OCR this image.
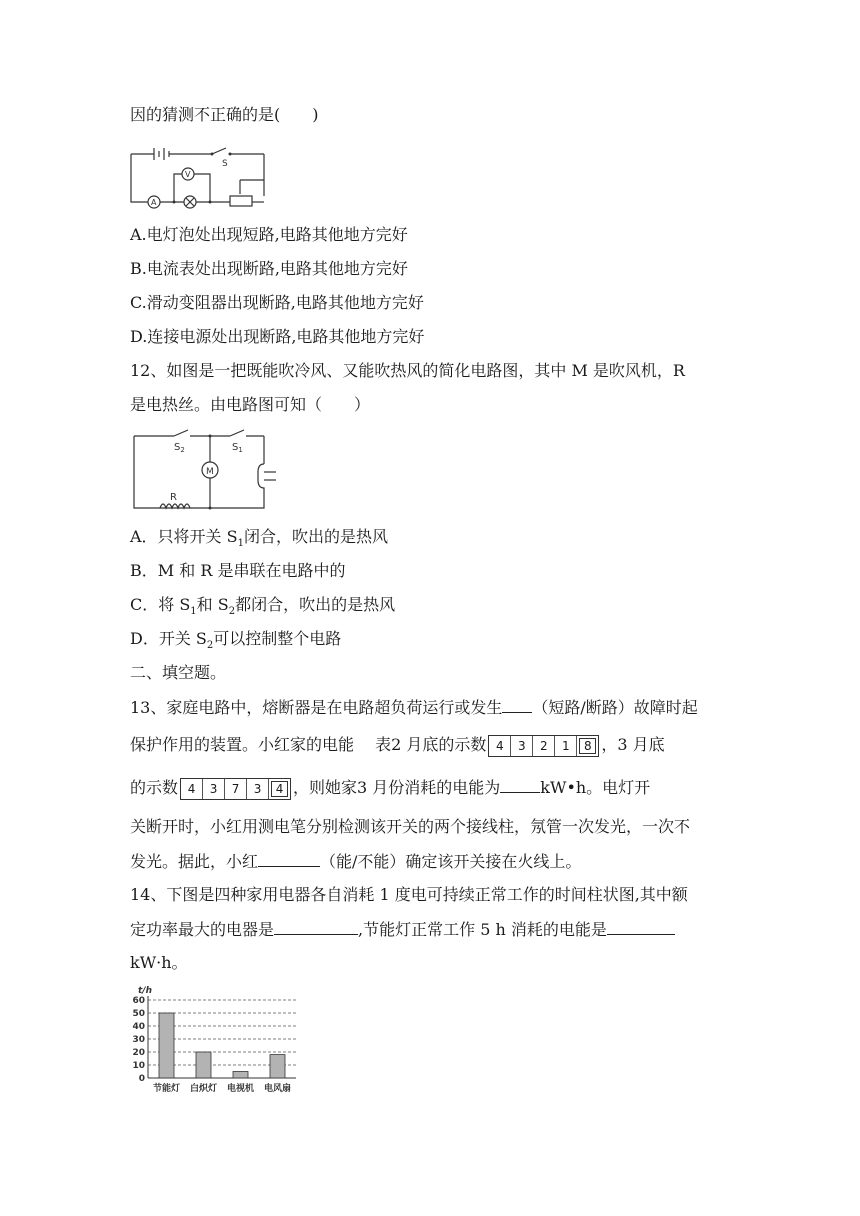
因的猜测不正确的是(　　)
S
V
A
A.电灯泡处出现短路,电路其他地方完好
B.电流表处出现断路,电路其他地方完好
C.滑动变阻器出现断路,电路其他地方完好
D.连接电源处出现断路,电路其他地方完好
12、如图是一把既能吹冷风、又能吹热风的简化电路图，其中 M 是吹风机，R
是电热丝。由电路图可知（　　）
$S_2$	$S_1$
M
R
A．只将开关 $S_1$闭合，吹出的是热风
B．M 和 R 是串联在电路中的
C．将 $S_1$和 $S_2$都闭合，吹出的是热风
D．开关 $S_2$可以控制整个电路
二、填空题。
13、家庭电路中，熔断器是在电路超负荷运行或发生 （短路/断路）故障时起
保护作用的装置。小红家的电能　 表2 月底的示数 4	3	2	1	8 ，3 月底
的示数 4	3	7	3	4 ，则她家3 月份消耗的电能为	kW•h。电灯开
关断开时，小红用测电笔分别检测该开关的两个接线柱，氖管一次发光，一次不
发光。据此，小红	（能/不能）确定该开关接在火线上。
14、下图是四种家用电器各自消耗 1 度电可持续正常工作的时间柱状图,其中额
定功率最大的电器是	,节能灯正常工作 5 h 消耗的电能是
kW·h。
t/h
0
10
20
30
40
50
60
节能灯 白炽灯 电视机 电风扇
